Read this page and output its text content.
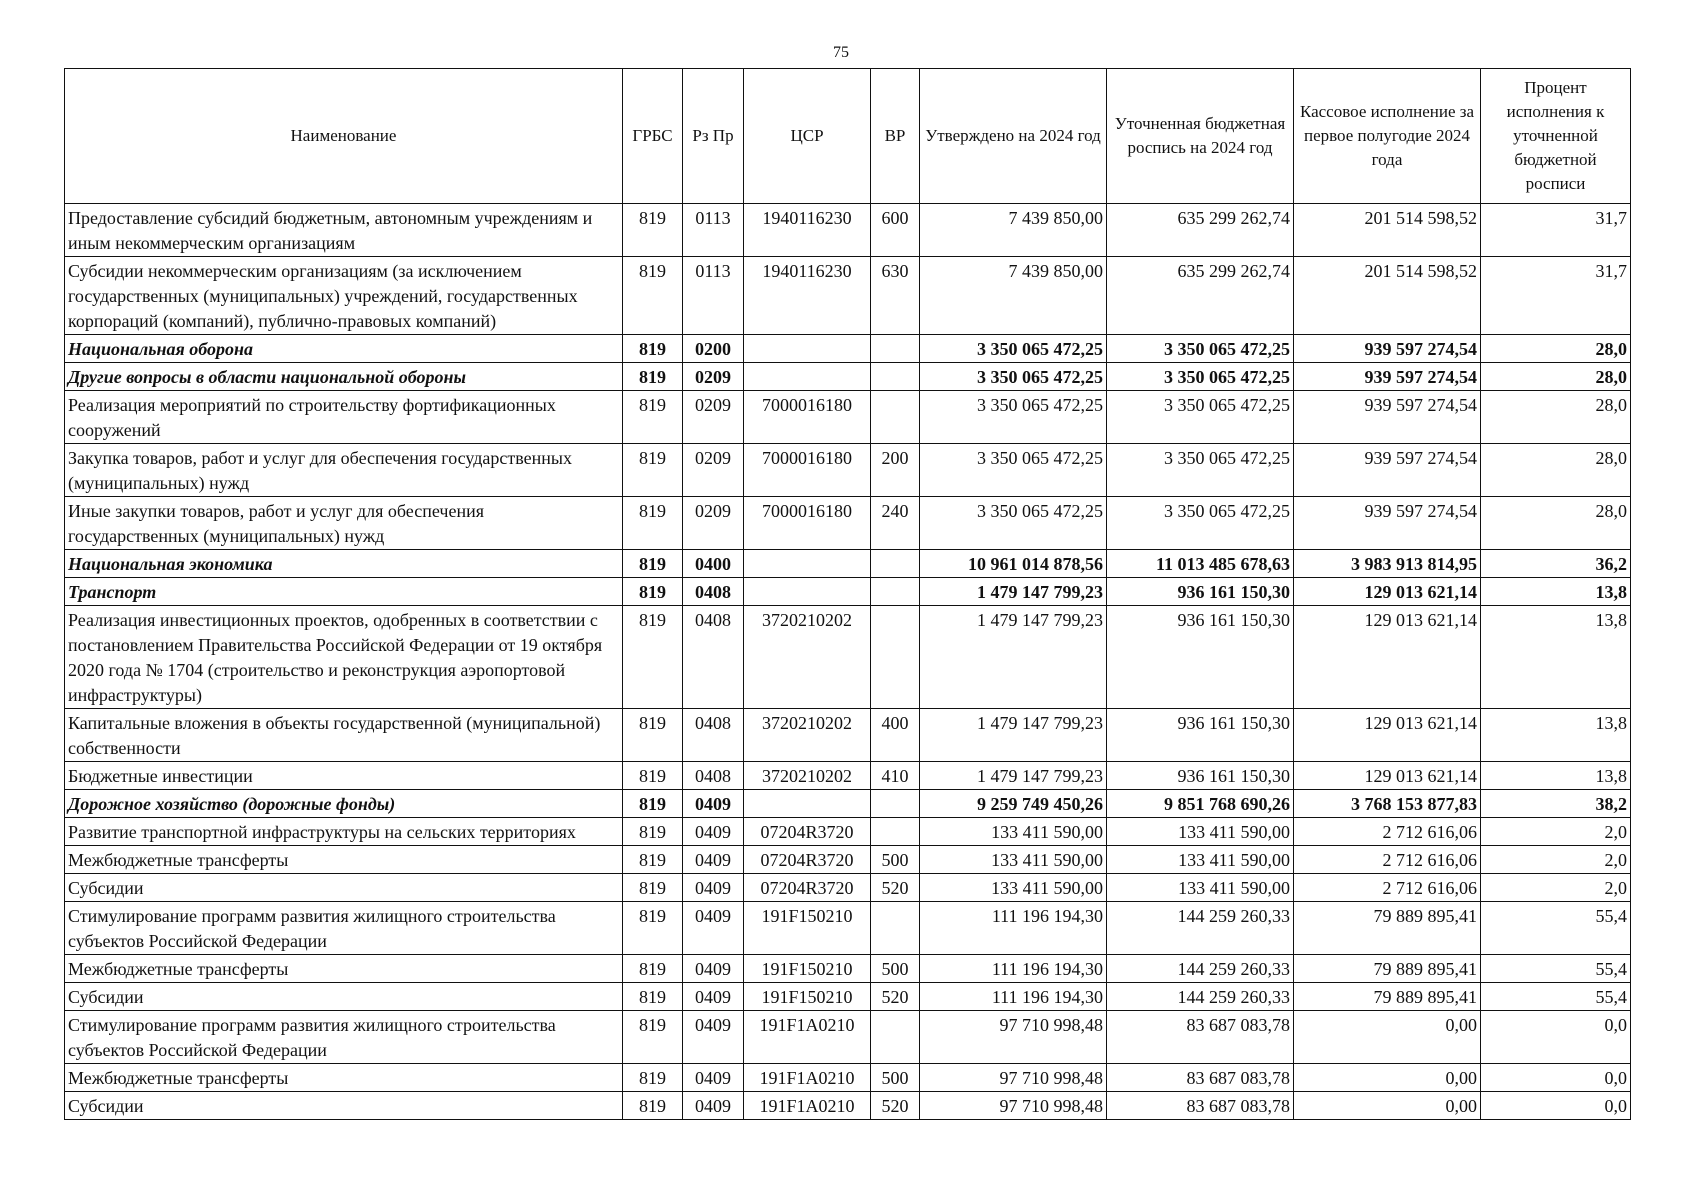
75
Наименование	ГРБС	Рз Пр	ЦСР	ВР	Утверждено на 2024 год	Уточненная бюджетная роспись на 2024 год	Кассовое исполнение за первое полугодие 2024 года	Процент исполнения к уточненной бюджетной росписи
Предоставление субсидий бюджетным, автономным учреждениям и иным некоммерческим организациям	819	0113	1940116230	600	7 439 850,00	635 299 262,74	201 514 598,52	31,7
Субсидии некоммерческим организациям (за исключением государственных (муниципальных) учреждений, государственных корпораций (компаний), публично-правовых компаний)	819	0113	1940116230	630	7 439 850,00	635 299 262,74	201 514 598,52	31,7
Национальная оборона	819	0200			3 350 065 472,25	3 350 065 472,25	939 597 274,54	28,0
Другие вопросы в области национальной обороны	819	0209			3 350 065 472,25	3 350 065 472,25	939 597 274,54	28,0
Реализация мероприятий по строительству фортификационных сооружений	819	0209	7000016180		3 350 065 472,25	3 350 065 472,25	939 597 274,54	28,0
Закупка товаров, работ и услуг для обеспечения государственных (муниципальных) нужд	819	0209	7000016180	200	3 350 065 472,25	3 350 065 472,25	939 597 274,54	28,0
Иные закупки товаров, работ и услуг для обеспечения государственных (муниципальных) нужд	819	0209	7000016180	240	3 350 065 472,25	3 350 065 472,25	939 597 274,54	28,0
Национальная экономика	819	0400			10 961 014 878,56	11 013 485 678,63	3 983 913 814,95	36,2
Транспорт	819	0408			1 479 147 799,23	936 161 150,30	129 013 621,14	13,8
Реализация инвестиционных проектов, одобренных в соответствии с постановлением Правительства Российской Федерации от 19 октября 2020 года № 1704 (строительство и реконструкция аэропортовой инфраструктуры)	819	0408	3720210202		1 479 147 799,23	936 161 150,30	129 013 621,14	13,8
Капитальные вложения в объекты государственной (муниципальной) собственности	819	0408	3720210202	400	1 479 147 799,23	936 161 150,30	129 013 621,14	13,8
Бюджетные инвестиции	819	0408	3720210202	410	1 479 147 799,23	936 161 150,30	129 013 621,14	13,8
Дорожное хозяйство (дорожные фонды)	819	0409			9 259 749 450,26	9 851 768 690,26	3 768 153 877,83	38,2
Развитие транспортной инфраструктуры на сельских территориях	819	0409	07204R3720		133 411 590,00	133 411 590,00	2 712 616,06	2,0
Межбюджетные трансферты	819	0409	07204R3720	500	133 411 590,00	133 411 590,00	2 712 616,06	2,0
Субсидии	819	0409	07204R3720	520	133 411 590,00	133 411 590,00	2 712 616,06	2,0
Стимулирование программ развития жилищного строительства субъектов Российской Федерации	819	0409	191F150210		111 196 194,30	144 259 260,33	79 889 895,41	55,4
Межбюджетные трансферты	819	0409	191F150210	500	111 196 194,30	144 259 260,33	79 889 895,41	55,4
Субсидии	819	0409	191F150210	520	111 196 194,30	144 259 260,33	79 889 895,41	55,4
Стимулирование программ развития жилищного строительства субъектов Российской Федерации	819	0409	191F1A0210		97 710 998,48	83 687 083,78	0,00	0,0
Межбюджетные трансферты	819	0409	191F1A0210	500	97 710 998,48	83 687 083,78	0,00	0,0
Субсидии	819	0409	191F1A0210	520	97 710 998,48	83 687 083,78	0,00	0,0
